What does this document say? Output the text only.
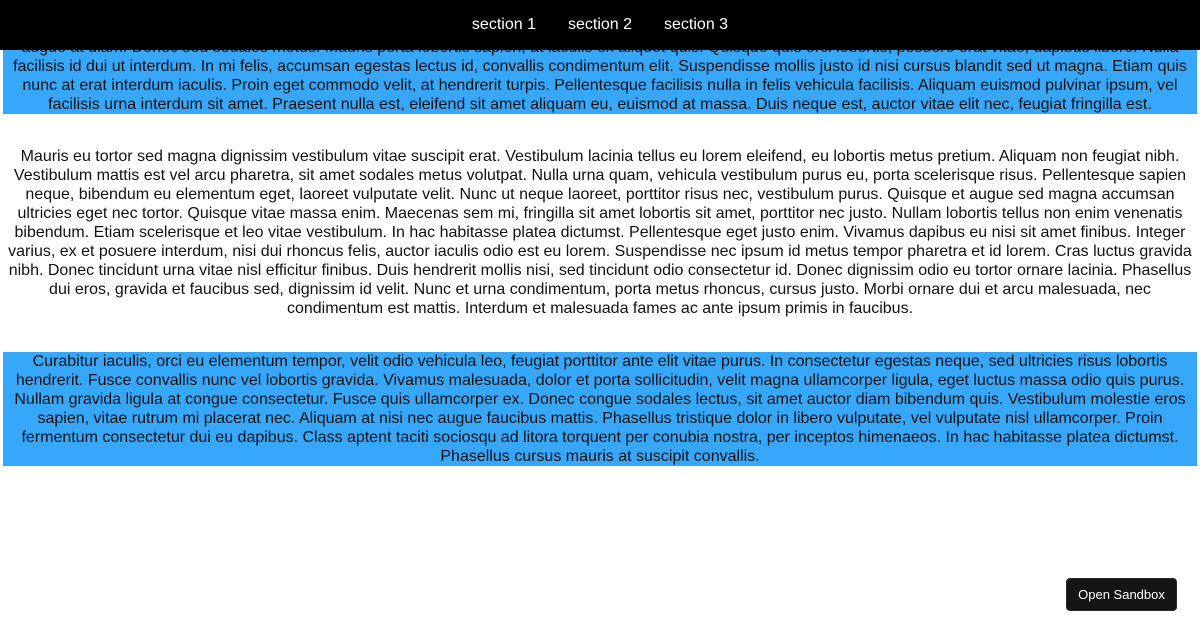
section 1 section 2 section 3

facilisis id dui ut interdum. In mi felis, accumsan egestas lectus id, convallis condimentum elit. Suspendisse mollis justo id nisi cursus blandit sed ut magna. Etiam quis nunc at erat interdum iaculis. Proin eget commodo velit, at hendrerit turpis. Pellentesque facilisis nulla in felis vehicula facilisis. Aliquam euismod pulvinar ipsum, vel facilisis urna interdum sit amet. Praesent nulla est, eleifend sit amet aliquam eu, euismod at massa. Duis neque est, auctor vitae elit nec, feugiat fringilla est.

Mauris eu tortor sed magna dignissim vestibulum vitae suscipit erat. Vestibulum lacinia tellus eu lorem eleifend, eu lobortis metus pretium. Aliquam non feugiat nibh. Vestibulum mattis est vel arcu pharetra, sit amet sodales metus volutpat. Nulla urna quam, vehicula vestibulum purus eu, porta scelerisque risus. Pellentesque sapien neque, bibendum eu elementum eget, laoreet vulputate velit. Nunc ut neque laoreet, porttitor risus nec, vestibulum purus. Quisque et augue sed magna accumsan ultricies eget nec tortor. Quisque vitae massa enim. Maecenas sem mi, fringilla sit amet lobortis sit amet, porttitor nec justo. Nullam lobortis tellus non enim venenatis bibendum. Etiam scelerisque et leo vitae vestibulum. In hac habitasse platea dictumst. Pellentesque eget justo enim. Vivamus dapibus eu nisi sit amet finibus. Integer varius, ex et posuere interdum, nisi dui rhoncus felis, auctor iaculis odio est eu lorem. Suspendisse nec ipsum id metus tempor pharetra et id lorem. Cras luctus gravida nibh. Donec tincidunt urna vitae nisl efficitur finibus. Duis hendrerit mollis nisi, sed tincidunt odio consectetur id. Donec dignissim odio eu tortor ornare lacinia. Phasellus dui eros, gravida et faucibus sed, dignissim id velit. Nunc et urna condimentum, porta metus rhoncus, cursus justo. Morbi ornare dui et arcu malesuada, nec condimentum est mattis. Interdum et malesuada fames ac ante ipsum primis in faucibus.

Curabitur iaculis, orci eu elementum tempor, velit odio vehicula leo, feugiat porttitor ante elit vitae purus. In consectetur egestas neque, sed ultricies risus lobortis hendrerit. Fusce convallis nunc vel lobortis gravida. Vivamus malesuada, dolor et porta sollicitudin, velit magna ullamcorper ligula, eget luctus massa odio quis purus. Nullam gravida ligula at congue consectetur. Fusce quis ullamcorper ex. Donec congue sodales lectus, sit amet auctor diam bibendum quis. Vestibulum molestie eros sapien, vitae rutrum mi placerat nec. Aliquam at nisi nec augue faucibus mattis. Phasellus tristique dolor in libero vulputate, vel vulputate nisl ullamcorper. Proin fermentum consectetur dui eu dapibus. Class aptent taciti sociosqu ad litora torquent per conubia nostra, per inceptos himenaeos. In hac habitasse platea dictumst. Phasellus cursus mauris at suscipit convallis.

Open Sandbox
